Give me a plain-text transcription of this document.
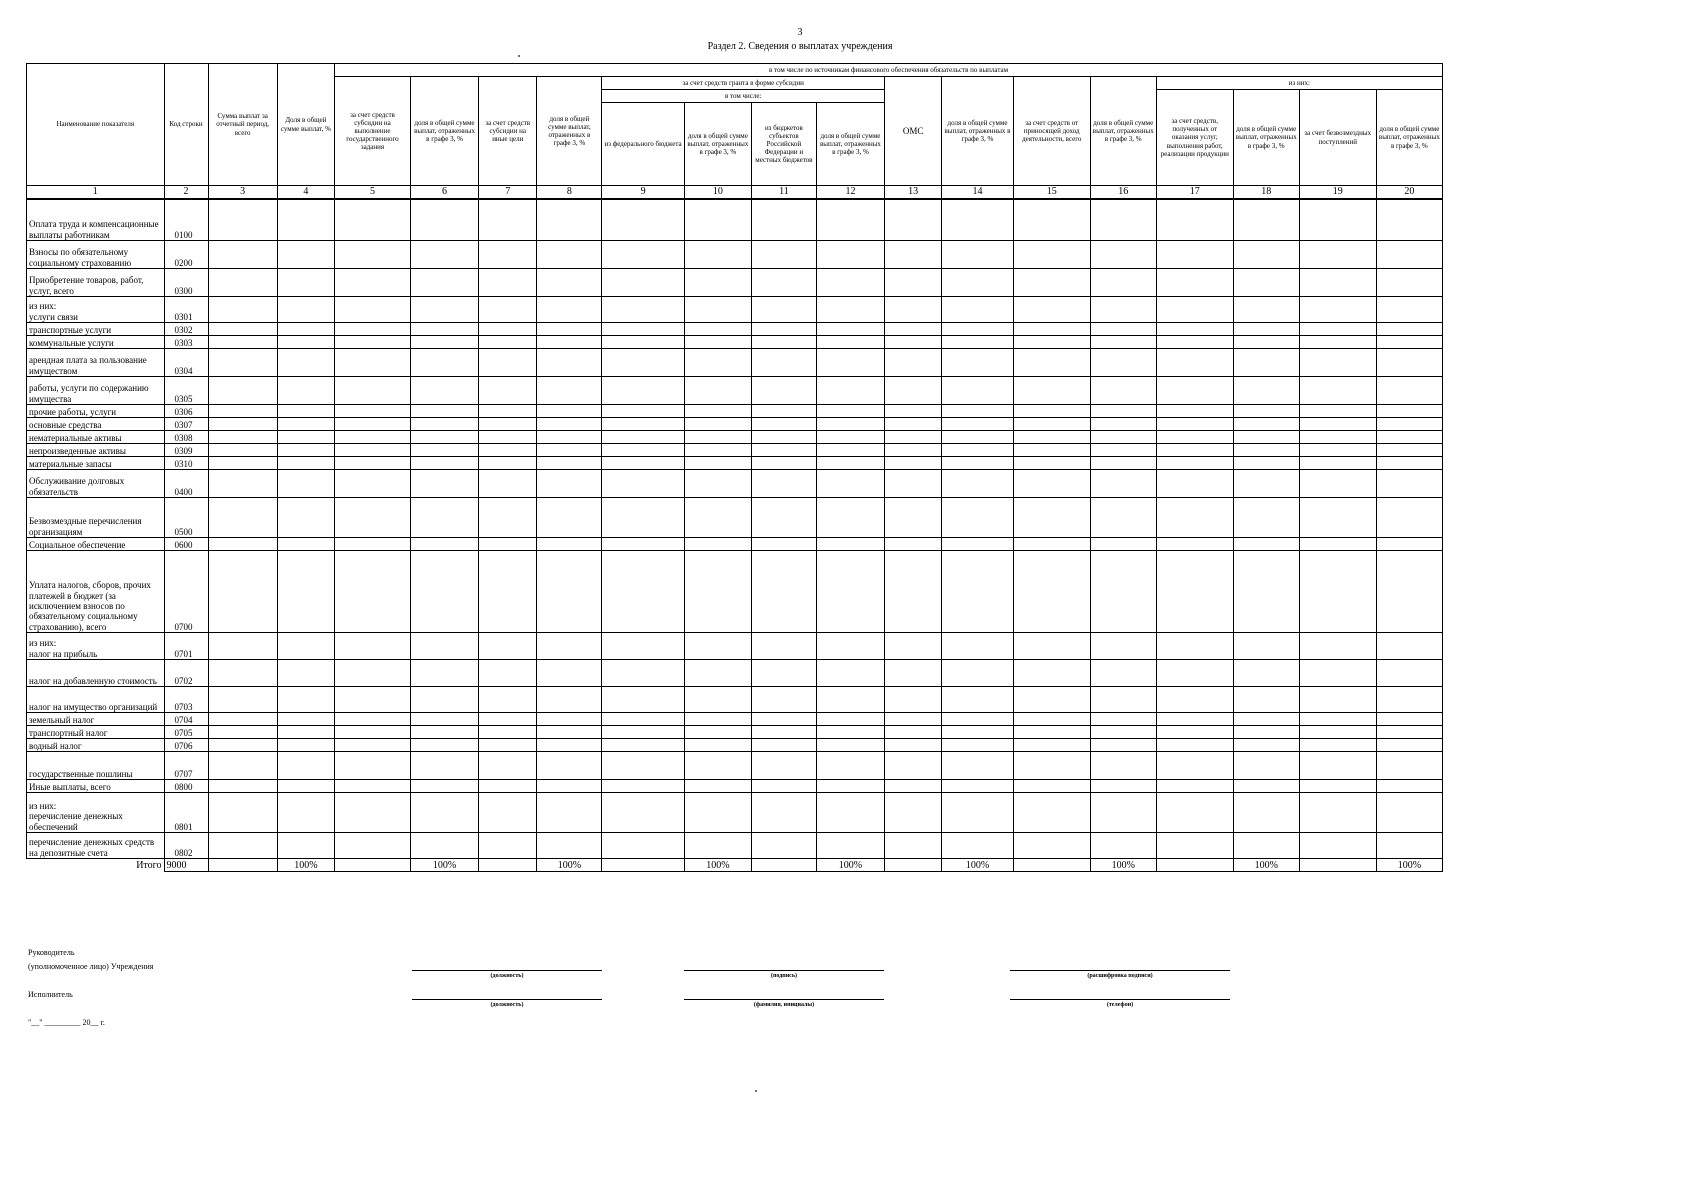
3
Раздел 2. Сведения о выплатах учреждения
Наименование показателя	Код строки	Сумма выплат за отчетный период, всего	Доля в общей сумме выплат, %	в том числе по источникам финансового обеспечения обязательств по выплатам															
				за счет средств субсидии на выполнение государственного задания	доля в общей сумме выплат, отраженных в графе 3, %	за счет средств субсидии на иные цели	доля в общей сумме выплат, отраженных в графе 3, %	за счет средств гранта в форме субсидии				ОМС	доля в общей сумме выплат, отраженных в графе 3, %	за счет средств от приносящей доход деятельности, всего	доля в общей сумме выплат, отраженных в графе 3, %	из них:			
								в том числе:								за счет средств, полученных от оказания услуг, выполнения работ, реализации продукции	доля в общей сумме выплат, отраженных в графе 3, %	за счет безвозмездных поступлений	доля в общей сумме выплат, отраженных в графе 3, %
								из федерального бюджета	доля в общей сумме выплат, отраженных в графе 3, %	из бюджетов субъектов Российской Федерации и местных бюджетов	доля в общей сумме выплат, отраженных в графе 3, %								
1	2	3	4	5	6	7	8	9	10	11	12	13	14	15	16	17	18	19	20
Оплата труда и компенсационные выплаты работникам	0100																		
Взносы по обязательному социальному страхованию	0200																		
Приобретение товаров, работ, услуг, всего	0300																		
из них:
услуги связи	0301																		
транспортные услуги	0302																		
коммунальные услуги	0303																		
арендная плата за пользование имуществом	0304																		
работы, услуги по содержанию имущества	0305																		
прочие работы, услуги	0306																		
основные средства	0307																		
нематериальные активы	0308																		
непроизведенные активы	0309																		
материальные запасы	0310																		
Обслуживание долговых обязательств	0400																		
Безвозмездные перечисления организациям	0500																		
Социальное обеспечение	0600																		
Уплата налогов, сборов, прочих платежей в бюджет (за исключением взносов по обязательному социальному страхованию), всего	0700																		
из них:
налог на прибыль	0701																		
налог на добавленную стоимость	0702																		
налог на имущество организаций	0703																		
земельный налог	0704																		
транспортный налог	0705																		
водный налог	0706																		
государственные пошлины	0707																		
Иные выплаты, всего	0800																		
из них:
перечисление денежных обеспечений	0801																		
перечисление денежных средств на депозитные счета	0802																		
Итого	9000		100%		100%		100%		100%		100%		100%		100%		100%		100%
Руководитель
(уполномоченное лицо) Учреждения
Исполнитель
"__" _________ 20__ г.
(должность)	(подпись)	(расшифровка подписи)
(должность)	(фамилия, инициалы)	(телефон)
